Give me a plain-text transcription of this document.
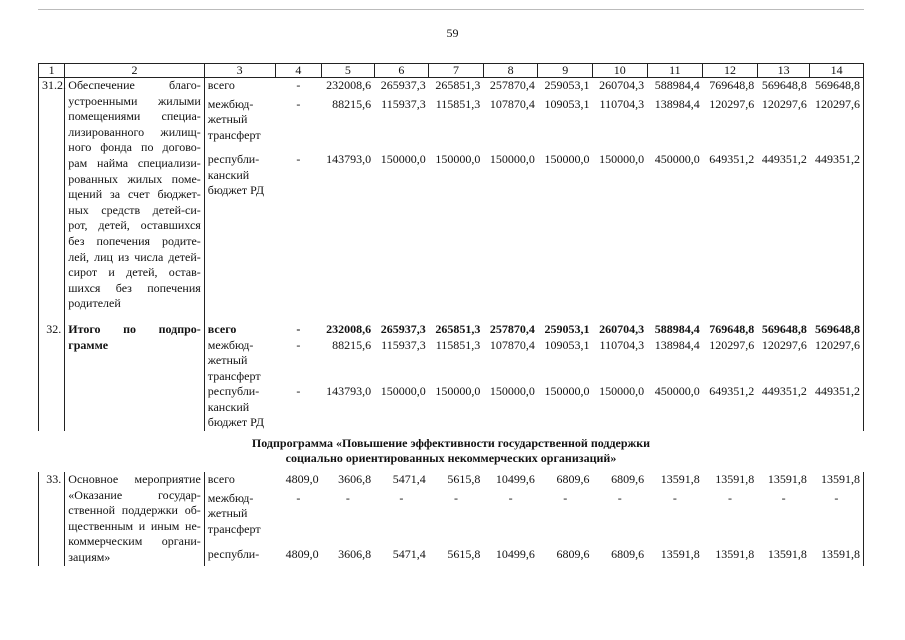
59
1	2	3	4	5	6	7	8	9	10	11	12	13	14
31.2.	Обеспечение благо-устроенными жилыми помещениями специа-лизированного жилищ-ного фонда по догово-рам найма специализи-рованных жилых поме-щений за счет бюджет-ных средств детей-си-рот, детей, оставшихся без попечения родите-лей, лиц из числа детей-сирот и детей, остав-шихся без попечения родителей	всего	-	232008,6	265937,3	265851,3	257870,4	259053,1	260704,3	588984,4	769648,8	569648,8	569648,8
		межбюд-жетный трансферт	-	88215,6	115937,3	115851,3	107870,4	109053,1	110704,3	138984,4	120297,6	120297,6	120297,6
		республи-канский бюджет РД	-	143793,0	150000,0	150000,0	150000,0	150000,0	150000,0	450000,0	649351,2	449351,2	449351,2

32.	Итого по подпро-грамме	всего	-	232008,6	265937,3	265851,3	257870,4	259053,1	260704,3	588984,4	769648,8	569648,8	569648,8
		межбюд-жетный трансферт	-	88215,6	115937,3	115851,3	107870,4	109053,1	110704,3	138984,4	120297,6	120297,6	120297,6
		республи-канский бюджет РД	-	143793,0	150000,0	150000,0	150000,0	150000,0	150000,0	450000,0	649351,2	449351,2	449351,2

Подпрограмма «Повышение эффективности государственной поддержки
социально ориентированных некоммерческих организаций»													

33.	Основное мероприятие «Оказание государ-ственной поддержки об-щественным и иным не-коммерческим органи-зациям»	всего	4809,0	3606,8	5471,4	5615,8	10499,6	6809,6	6809,6	13591,8	13591,8	13591,8	13591,8
		межбюд-жетный трансферт	-	-	-	-	-	-	-	-	-	-	-
		республи-	4809,0	3606,8	5471,4	5615,8	10499,6	6809,6	6809,6	13591,8	13591,8	13591,8	13591,8
